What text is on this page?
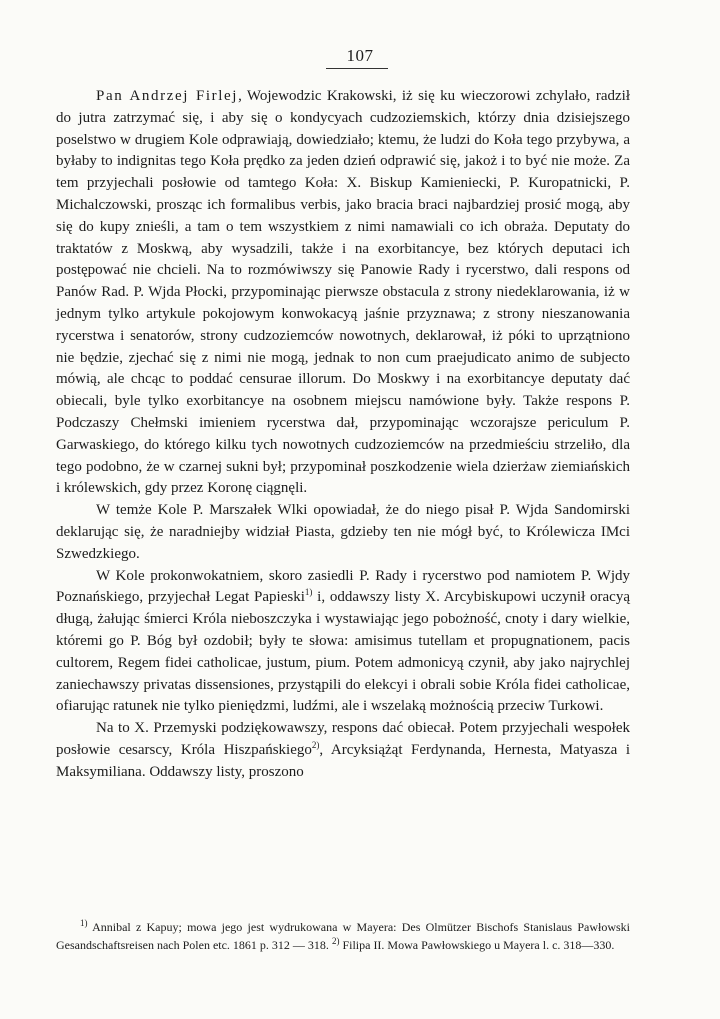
107

Pan Andrzej Firlej, Wojewodzic Krakowski, iż się ku wieczorowi zchylało, radził do jutra zatrzymać się, i aby się o kondycyach cudzoziemskich, którzy dnia dzisiejszego poselstwo w drugiem Kole odprawiają, dowiedziało; ktemu, że ludzi do Koła tego przybywa, a byłaby to indignitas tego Koła prędko za jeden dzień odprawić się, jakoż i to być nie może. Za tem przyjechali posłowie od tamtego Koła: X. Biskup Kamieniecki, P. Kuropatnicki, P. Michalczowski, prosząc ich formalibus verbis, jako bracia braci najbardziej prosić mogą, aby się do kupy znieśli, a tam o tem wszystkiem z nimi namawiali co ich obraża. Deputaty do traktatów z Moskwą, aby wysadzili, także i na exorbitancye, bez których deputaci ich postępować nie chcieli. Na to rozmówiwszy się Panowie Rady i rycerstwo, dali respons od Panów Rad. P. Wjda Płocki, przypominając pierwsze obstacula z strony niedeklarowania, iż w jednym tylko artykule pokojowym konwokacyą jaśnie przyznawa; z strony nieszanowania rycerstwa i senatorów, strony cudzoziemców nowotnych, deklarował, iż póki to uprzątniono nie będzie, zjechać się z nimi nie mogą, jednak to non cum praejudicato animo de subjecto mówią, ale chcąc to poddać censurae illorum. Do Moskwy i na exorbitancye deputaty dać obiecali, byle tylko exorbitancye na osobnem miejscu namówione były. Także respons P. Podczaszy Chełmski imieniem rycerstwa dał, przypominając wczorajsze periculum P. Garwaskiego, do którego kilku tych nowotnych cudzoziemców na przedmieściu strzeliło, dla tego podobno, że w czarnej sukni był; przypominał poszkodzenie wiela dzierżaw ziemiańskich i królewskich, gdy przez Koronę ciągnęli.

W temże Kole P. Marszałek Wlki opowiadał, że do niego pisał P. Wjda Sandomirski deklarując się, że naradniejby widział Piasta, gdzieby ten nie mógł być, to Królewicza IMci Szwedzkiego.

W Kole prokonwokatniem, skoro zasiedli P. Rady i rycerstwo pod namiotem P. Wjdy Poznańskiego, przyjechał Legat Papieski$^{1)}$ i, oddawszy listy X. Arcybiskupowi uczynił oracyą długą, żałując śmierci Króla nieboszczyka i wystawiając jego pobożność, cnoty i dary wielkie, któremi go P. Bóg był ozdobił; były te słowa: amisimus tutellam et propugnationem, pacis cultorem, Regem fidei catholicae, justum, pium. Potem admonicyą czynił, aby jako najrychlej zaniechawszy privatas dissensiones, przystąpili do elekcyi i obrali sobie Króla fidei catholicae, ofiarując ratunek nie tylko pieniędzmi, ludźmi, ale i wszelaką możnością przeciw Turkowi.

Na to X. Przemyski podziękowawszy, respons dać obiecał. Potem przyjechali wespołek posłowie cesarscy, Króla Hiszpańskiego$^{2)}$, Arcyksiążąt Ferdynanda, Hernesta, Matyasza i Maksymiliana. Oddawszy listy, proszono

$^{1)}$ Annibal z Kapuy; mowa jego jest wydrukowana w Mayera: Des Olmützer Bischofs Stanislaus Pawłowski Gesandschaftsreisen nach Polen etc. 1861 p. 312 — 318. $^{2)}$ Filipa II. Mowa Pawłowskiego u Mayera l. c. 318—330.
